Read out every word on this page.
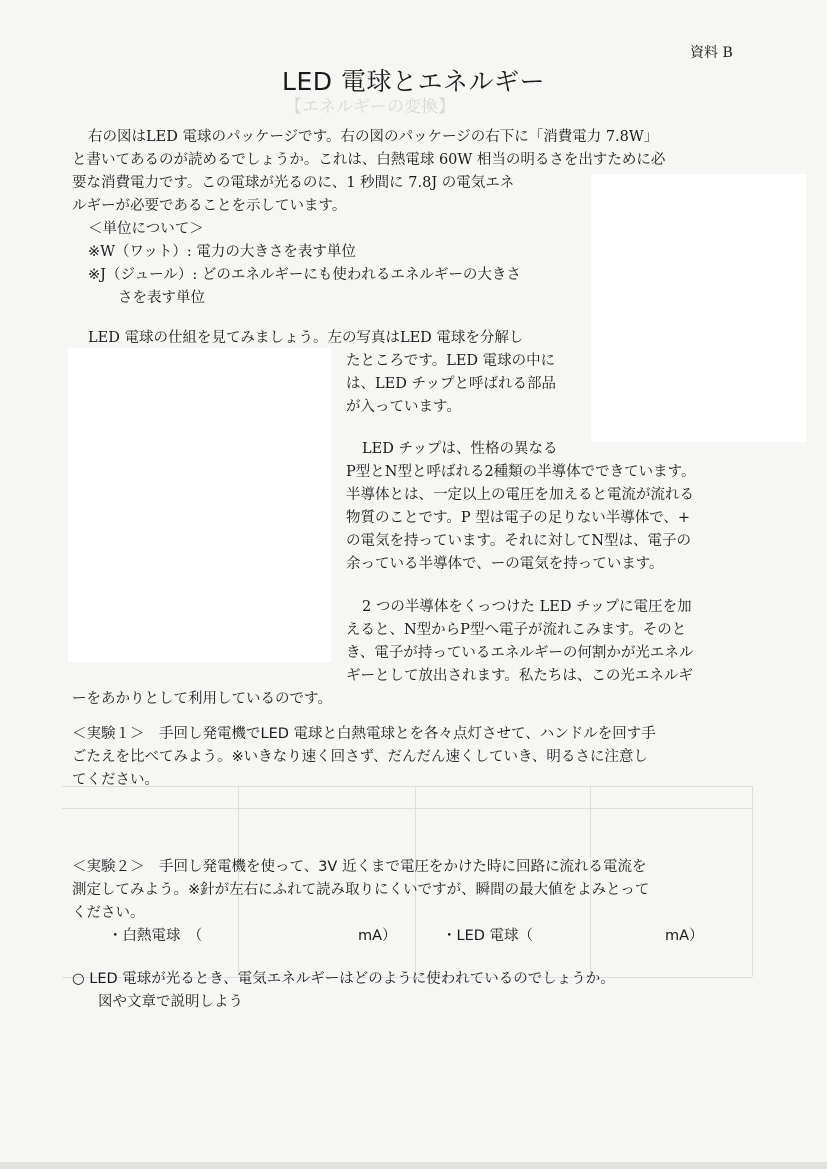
【エネルギーの変換】
資料 B
LED 電球とエネルギー
右の図はLED 電球のパッケージです。右の図のパッケージの右下に「消費電力 7.8W」
と書いてあるのが読めるでしょうか。これは、白熱電球 60W 相当の明るさを出すために必
要な消費電力です。この電球が光るのに、1 秒間に 7.8J の電気エネ
ルギーが必要であることを示しています。
＜単位について＞
※W（ワット）: 電力の大きさを表す単位
※J（ジュール）: どのエネルギーにも使われるエネルギーの大きさ
さを表す単位
LED 電球の仕組を見てみましょう。左の写真はLED 電球を分解し
たところです。LED 電球の中に
は、LED チップと呼ばれる部品
が入っています。
LED チップは、性格の異なる
P型とN型と呼ばれる2種類の半導体でできています。
半導体とは、一定以上の電圧を加えると電流が流れる
物質のことです。P 型は電子の足りない半導体で、+
の電気を持っています。それに対してN型は、電子の
余っている半導体で、ーの電気を持っています。
2 つの半導体をくっつけた LED チップに電圧を加
えると、N型からP型へ電子が流れこみます。そのと
き、電子が持っているエネルギーの何割かが光エネル
ギーとして放出されます。私たちは、この光エネルギ
ーをあかりとして利用しているのです。
＜実験１＞　手回し発電機でLED 電球と白熱電球とを各々点灯させて、ハンドルを回す手
ごたえを比べてみよう。※いきなり速く回さず、だんだん速くしていき、明るさに注意し
てください。
＜実験２＞　手回し発電機を使って、3V 近くまで電圧をかけた時に回路に流れる電流を
測定してみよう。※針が左右にふれて読み取りにくいですが、瞬間の最大値をよみとって
ください。
・白熱電球　（	mA）	・LED 電球（	mA）
○ LED 電球が光るとき、電気エネルギーはどのように使われているのでしょうか。
図や文章で説明しよう
